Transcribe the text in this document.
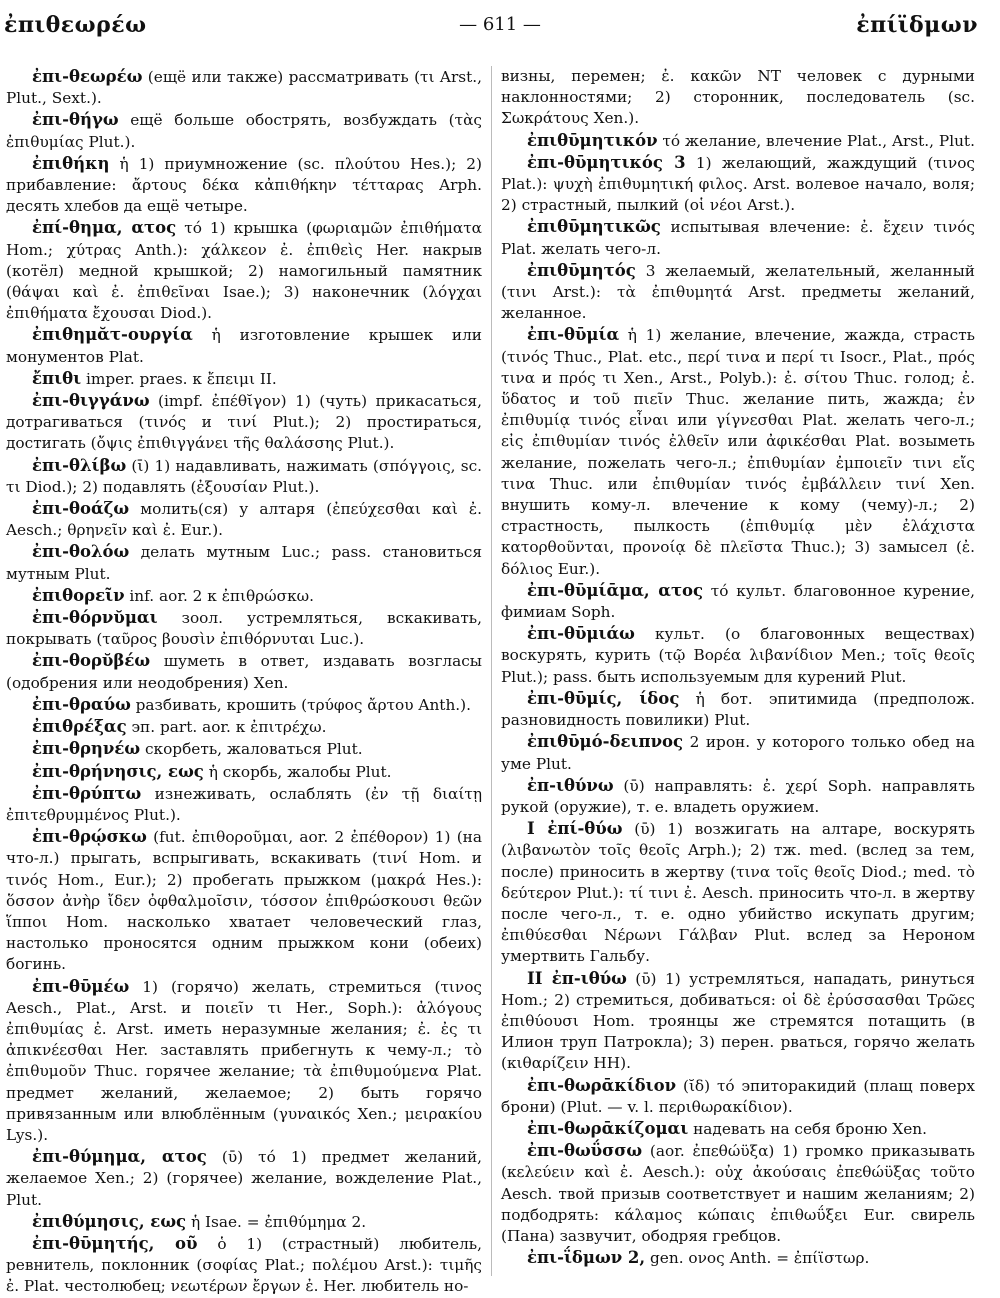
ἐπιθεωρέω	— 611 —	ἐπίϊδμων

ἐπι-θεωρέω (ещё или также) рассматривать (τι Arst., Plut., Sext.).

ἐπι-θήγω ещё больше обострять, возбуждать (τὰς ἐπιθυμίας Plut.).

ἐπιθήκη ἡ 1) приумножение (sc. πλούτου Hes.); 2) прибавление: ἄρτους δέκα κἀπιθήκην τέτταρας Arph. десять хлебов да ещё четыре.

ἐπί-θημα, ατος τό 1) крышка (φωριαμῶν ἐπιθήματα Hom.; χύτρας Anth.): χάλκεον ἐ. ἐπιθεὶς Her. накрыв (котёл) медной крышкой; 2) намогильный памятник (θάψαι καὶ ἐ. ἐπιθεῖναι Isae.); 3) наконечник (λόγχαι ἐπιθήματα ἔχουσαι Diod.).

ἐπιθημᾰτ-ουργία ἡ изготовление крышек или монументов Plat.

ἔπιθι imper. praes. к ἔπειμι II.

ἐπι-θιγγάνω (impf. ἐπέθῐγον) 1) (чуть) прикасаться, дотрагиваться (τινός и τινί Plut.); 2) простираться, достигать (ὄψις ἐπιθιγγάνει τῆς θαλάσσης Plut.).

ἐπι-θλίβω (ῑ) 1) надавливать, нажимать (σπόγγοις, sc. τι Diod.); 2) подавлять (ἐξουσίαν Plut.).

ἐπι-θοάζω молить(ся) у алтаря (ἐπεύχεσθαι καὶ ἐ. Aesch.; θρηνεῖν καὶ ἐ. Eur.).

ἐπι-θολόω делать мутным Luc.; pass. становиться мутным Plut.

ἐπιθορεῖν inf. aor. 2 к ἐπιθρώσκω.

ἐπι-θόρνῠμαι зоол. устремляться, вскакивать, покрывать (ταῦρος βουσὶν ἐπιθόρνυται Luc.).

ἐπι-θορῠβέω шуметь в ответ, издавать возгласы (одобрения или неодобрения) Xen.

ἐπι-θραύω разбивать, крошить (τρύφος ἄρτου Anth.).

ἐπιθρέξας эп. part. aor. к ἐπιτρέχω.

ἐπι-θρηνέω скорбеть, жаловаться Plut.

ἐπι-θρήνησις, εως ἡ скорбь, жалобы Plut.

ἐπι-θρύπτω изнеживать, ослаблять (ἐν τῇ διαίτῃ ἐπιτεθρυμμένος Plut.).

ἐπι-θρῴσκω (fut. ἐπιθοροῦμαι, aor. 2 ἐπέθορον) 1) (на что-л.) прыгать, вспрыгивать, вскакивать (τινί Hom. и τινός Hom., Eur.); 2) пробегать прыжком (μακρά Hes.): ὅσσον ἀνὴρ ἴδεν ὀφθαλμοῖσιν, τόσσον ἐπιθρώσκουσι θεῶν ἵπποι Hom. насколько хватает человеческий глаз, настолько проносятся одним прыжком кони (обеих) богинь.

ἐπι-θῡμέω 1) (горячо) желать, стремиться (τινος Aesch., Plat., Arst. и ποιεῖν τι Her., Soph.): ἀλόγους ἐπιθυμίας ἐ. Arst. иметь неразумные желания; ἐ. ἐς τι ἀπικνέεσθαι Her. заставлять прибегнуть к чему-л.; τὸ ἐπιθυμοῦν Thuc. горячее желание; τὰ ἐπιθυμούμενα Plat. предмет желаний, желаемое; 2) быть горячо привязанным или влюблённым (γυναικός Xen.; μειρακίου Lys.).

ἐπι-θύμημα, ατος (ῡ) τό 1) предмет желаний, желаемое Xen.; 2) (горячее) желание, вожделение Plat., Plut.

ἐπιθύμησις, εως ἡ Isae. = ἐπιθύμημα 2.

ἐπι-θῡμητής, οῦ ὁ 1) (страстный) любитель, ревнитель, поклонник (σοφίας Plat.; πολέμου Arst.): τιμῆς ἐ. Plat. честолюбец; νεωτέρων ἔργων ἐ. Her. любитель но-

визны, перемен; ἐ. κακῶν NT человек с дурными наклонностями; 2) сторонник, последователь (sc. Σωκράτους Xen.).

ἐπιθῡμητικόν τό желание, влечение Plat., Arst., Plut.

ἐπι-θῡμητικός 3 1) желающий, жаждущий (τινος Plat.): ψυχὴ ἐπιθυμητική φιλος. Arst. волевое начало, воля; 2) страстный, пылкий (οἱ νέοι Arst.).

ἐπιθῡμητικῶς испытывая влечение: ἐ. ἔχειν τινός Plat. желать чего-л.

ἐπιθῡμητός 3 желаемый, желательный, желанный (τινι Arst.): τὰ ἐπιθυμητά Arst. предметы желаний, желанное.

ἐπι-θῡμία ἡ 1) желание, влечение, жажда, страсть (τινός Thuc., Plat. etc., περί τινα и περί τι Isocr., Plat., πρός τινα и πρός τι Xen., Arst., Polyb.): ἐ. σίτου Thuc. голод; ἐ. ὕδατος и τοῦ πιεῖν Thuc. желание пить, жажда; ἐν ἐπιθυμίᾳ τινός εἶναι или γίγνεσθαι Plat. желать чего-л.; εἰς ἐπιθυμίαν τινός ἐλθεῖν или ἀφικέσθαι Plat. возыметь желание, пожелать чего-л.; ἐπιθυμίαν ἐμποιεῖν τινι εἴς τινα Thuc. или ἐπιθυμίαν τινός ἐμβάλλειν τινί Xen. внушить кому-л. влечение к кому (чему)-л.; 2) страстность, пылкость (ἐπιθυμίᾳ μὲν ἐλάχιστα κατορθοῦνται, προνοίᾳ δὲ πλεῖστα Thuc.); 3) замысел (ἐ. δόλιος Eur.).

ἐπι-θῡμίᾱμα, ατος τό культ. благовонное курение, фимиам Soph.

ἐπι-θῡμιάω культ. (о благовонных веществах) воскурять, курить (τῷ Βορέα λιβανίδιον Men.; τοῖς θεοῖς Plut.); pass. быть используемым для курений Plut.

ἐπι-θῡμίς, ίδος ἡ бот. эпитимида (предполож. разновидность повилики) Plut.

ἐπιθῡμό-δειπνος 2 ирон. у которого только обед на уме Plut.

ἐπ-ιθύνω (ῡ) направлять: ἐ. χερί Soph. направлять рукой (оружие), т. е. владеть оружием.

I ἐπί-θύω (ῡ) 1) возжигать на алтаре, воскурять (λιβανωτὸν τοῖς θεοῖς Arph.); 2) тж. med. (вслед за тем, после) приносить в жертву (τινα τοῖς θεοῖς Diod.; med. τὸ δεύτερον Plut.): τί τινι ἐ. Aesch. приносить что-л. в жертву после чего-л., т. е. одно убийство искупать другим; ἐπιθύεσθαι Νέρωνι Γάλβαν Plut. вслед за Нероном умертвить Гальбу.

II ἐπ-ιθύω (ῡ) 1) устремляться, нападать, ринуться Hom.; 2) стремиться, добиваться: οἱ δὲ ἐρύσσασθαι Τρῶες ἐπιθύουσι Hom. троянцы же стремятся потащить (в Илион труп Патрокла); 3) перен. рваться, горячо желать (κιθαρίζειν HH).

ἐπι-θωρᾱκίδιον (ῐδ) τό эпиторакидий (плащ поверх брони) (Plut. — v. l. περιθωρακίδιον).

ἐπι-θωρᾱκίζομαι надевать на себя броню Xen.

ἐπι-θωΰσσω (aor. ἐπεθώϋξα) 1) громко приказывать (κελεύειν καὶ ἐ. Aesch.): οὐχ ἀκούσαις ἐπεθώϋξας τοῦτο Aesch. твой призыв соответствует и нашим желаниям; 2) подбодрять: κάλαμος κώπαις ἐπιθωΰξει Eur. свирель (Пана) зазвучит, ободряя гребцов.

ἐπι-ΐδμων 2, gen. ονος Anth. = ἐπίϊστωρ.
